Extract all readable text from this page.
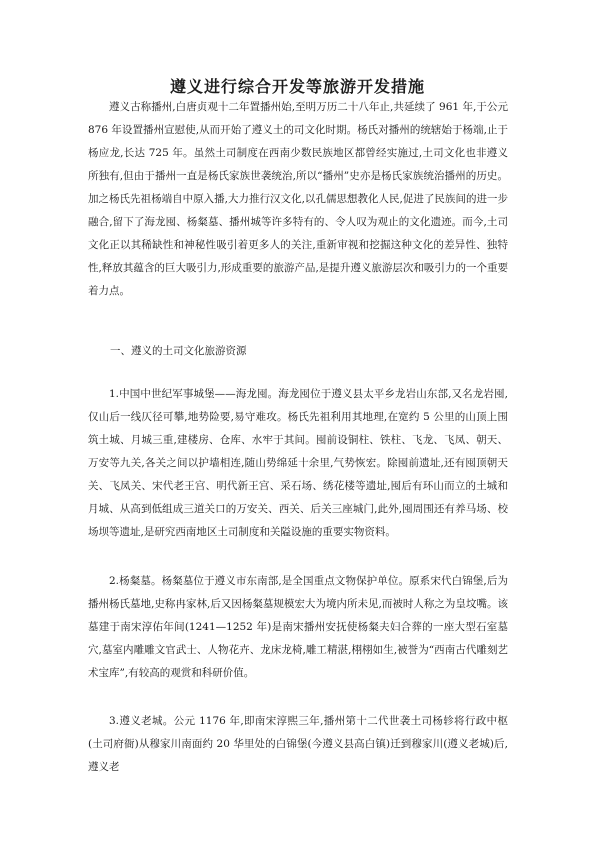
遵义进行综合开发等旅游开发措施

遵义古称播州,白唐贞观十二年置播州始,至明万历二十八年止,共延续了 961 年,于公元 876 年设置播州宣慰使,从而开始了遵义土的司文化时期。杨氏对播州的统辖始于杨端,止于杨应龙,长达 725 年。虽然土司制度在西南少数民族地区都曾经实施过,土司文化也非遵义所独有,但由于播州一直是杨氏家族世袭统治,所以“播州”史亦是杨氏家族统治播州的历史。加之杨氏先祖杨端自中原入播,大力推行汉文化,以孔儒思想教化人民,促进了民族间的进一步融合,留下了海龙囤、杨粲墓、播州城等许多特有的、令人叹为观止的文化遗迹。而今,土司文化正以其稀缺性和神秘性吸引着更多人的关注,重新审视和挖掘这种文化的差异性、独特性,释放其蕴含的巨大吸引力,形成重要的旅游产品,是提升遵义旅游层次和吸引力的一个重要着力点。

一、遵义的土司文化旅游资源

1.中国中世纪军事城堡——海龙囤。海龙囤位于遵义县太平乡龙岩山东部,又名龙岩囤,仅山后一线仄径可攀,地势险要,易守难攻。杨氏先祖利用其地理,在宽约 5 公里的山顶上围筑土城、月城三重,建楼房、仓库、水牢于其间。囤前设铜柱、铁柱、飞龙、飞凤、朝天、万安等九关,各关之间以护墙相连,随山势绵延十余里,气势恢宏。除囤前遗址,还有囤顶朝天关、飞凤关、宋代老王宫、明代新王宫、采石场、绣花楼等遗址,囤后有环山而立的土城和月城、从高到低组成三道关口的万安关、西关、后关三座城门,此外,囤周围还有养马场、校场坝等遗址,是研究西南地区土司制度和关隘设施的重要实物资料。

2.杨粲墓。杨粲墓位于遵义市东南部,是全国重点文物保护单位。原系宋代白锦堡,后为播州杨氏墓地,史称冉家林,后又因杨粲墓规模宏大为境内所未见,而被时人称之为皇坟嘴。该墓建于南宋淳佑年间(1241—1252 年)是南宋播州安抚使杨粲夫妇合葬的一座大型石室墓穴,墓室内雕雕文官武士、人物花卉、龙床龙椅,雕工精湛,栩栩如生,被誉为“西南古代雕刻艺术宝库”,有较高的观赏和科研价值。

3.遵义老城。公元 1176 年,即南宋淳熙三年,播州第十二代世袭土司杨轸将行政中枢(土司府衙)从穆家川南面约 20 华里处的白锦堡(今遵义县高白镇)迁到穆家川(遵义老城)后,遵义老
